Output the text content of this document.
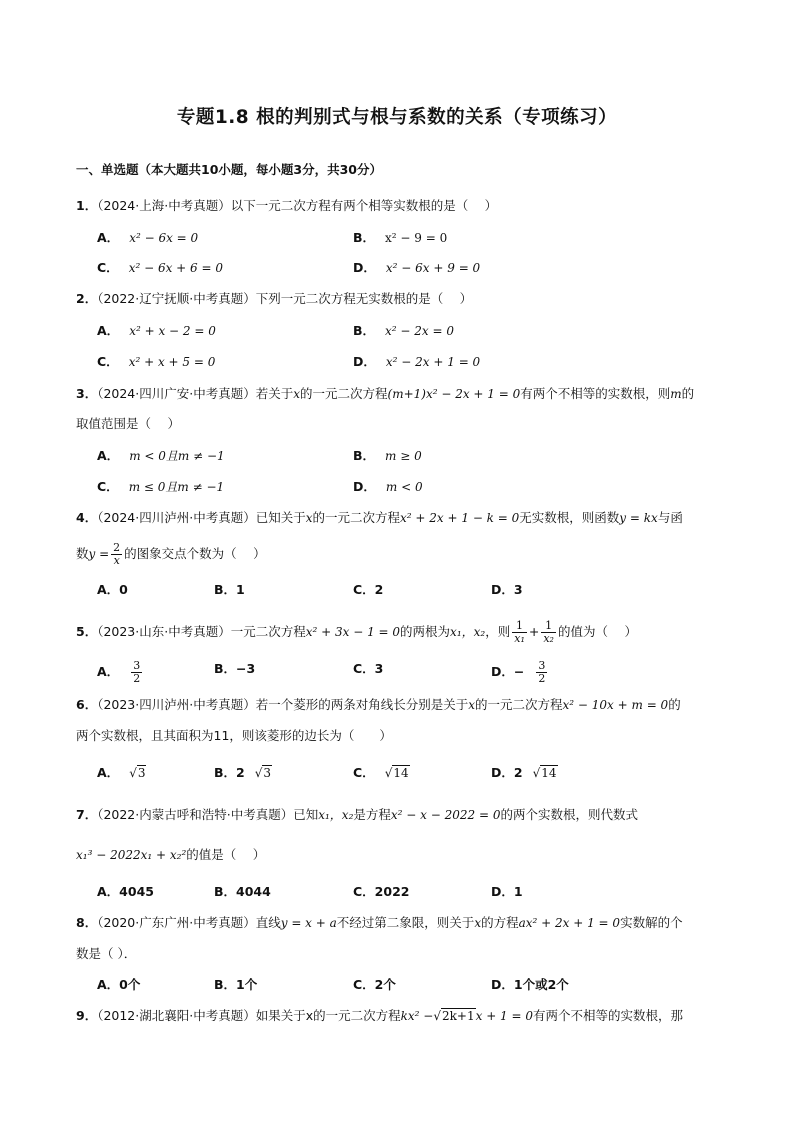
专题1.8 根的判别式与根与系数的关系（专项练习）
一、单选题（本大题共10小题，每小题3分，共30分）
1．（2024·上海·中考真题）以下一元二次方程有两个相等实数根的是（　 ）
A． x² − 6x = 0	B． x² − 9 = 0
C． x² − 6x + 6 = 0	D． x² − 6x + 9 = 0
2．（2022·辽宁抚顺·中考真题）下列一元二次方程无实数根的是（　 ）
A． x² + x − 2 = 0	B． x² − 2x = 0
C． x² + x + 5 = 0	D． x² − 2x + 1 = 0
3．（2024·四川广安·中考真题）若关于x的一元二次方程(m+1)x² − 2x + 1 = 0有两个不相等的实数根，则m的
取值范围是（　 ）
A． m < 0且m ≠ −1	B． m ≥ 0
C． m ≤ 0且m ≠ −1	D． m < 0
4．（2024·四川泸州·中考真题）已知关于x的一元二次方程x² + 2x + 1 − k = 0无实数根，则函数y = kx与函
数$y = \frac{2}{x}$ 的图象交点个数为（　 ）
A．0	B．1	C．2	D．3
5．（2023·山东·中考真题）一元二次方程x² + 3x − 1 = 0的两根为x₁，x₂，则 $\frac{1}{\text{x₁}} + \frac{1}{\text{x₂}}$ 的值为（　 ）
A． $\frac{3}{2}$	B．−3	C．3	D．− $\frac{3}{2}$
6．（2023·四川泸州·中考真题）若一个菱形的两条对角线长分别是关于x的一元二次方程x² − 10x + m = 0的
两个实数根，且其面积为11，则该菱形的边长为（　　）
A． √3	B．2 √3	C． √14	D．2 √14
7．（2022·内蒙古呼和浩特·中考真题）已知x₁，x₂是方程x² − x − 2022 = 0的两个实数根，则代数式
x₁³ − 2022x₁ + x₂²的值是（　 ）
A．4045	B．4044	C．2022	D．1
8．（2020·广东广州·中考真题）直线y = x + a不经过第二象限，则关于x的方程ax² + 2x + 1 = 0实数解的个
数是（ ）．
A．0个	B．1个	C．2个	D．1个或2个
9．（2012·湖北襄阳·中考真题）如果关于x的一元二次方程kx² −√2k+1x + 1 = 0有两个不相等的实数根，那
